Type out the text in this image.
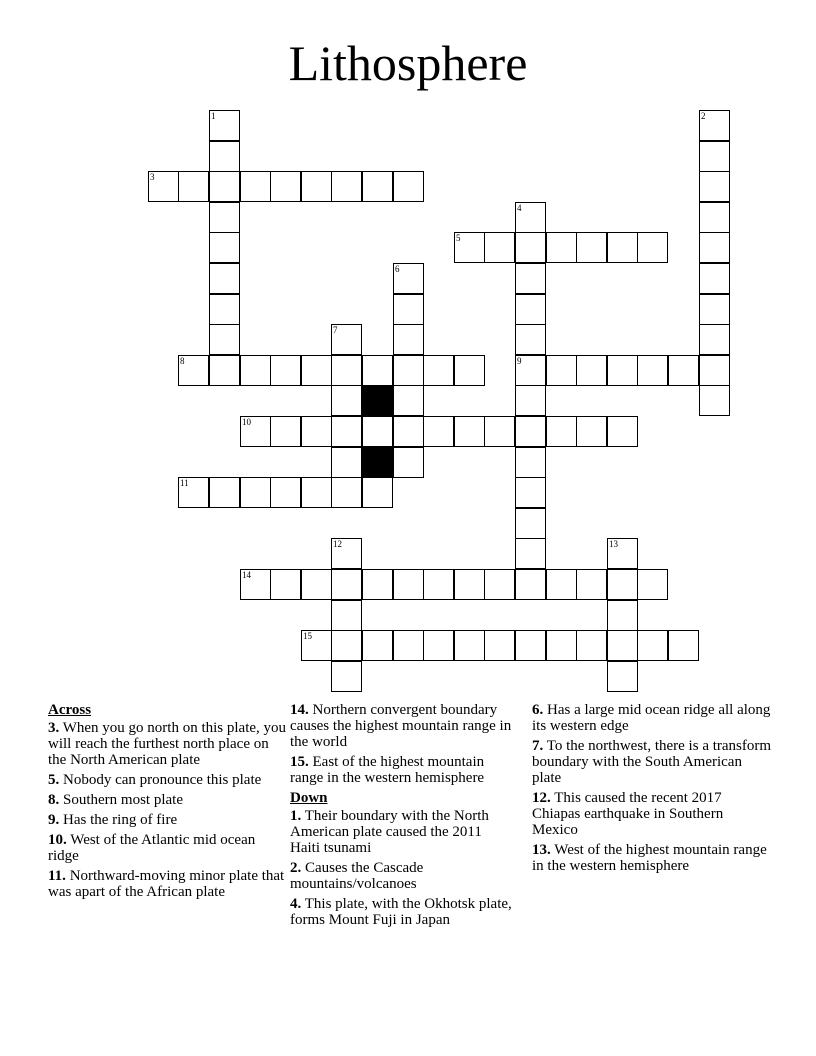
Lithosphere
1	2
3
4
5
6
7
8	9
10
11
12	13
14
15
Across
3. When you go north on this plate, you will reach the furthest north place on the North American plate
5. Nobody can pronounce this plate
8. Southern most plate
9. Has the ring of fire
10. West of the Atlantic mid ocean ridge
11. Northward-moving minor plate that was apart of the African plate
14. Northern convergent boundary causes the highest mountain range in the world
15. East of the highest mountain range in the western hemisphere
Down
1. Their boundary with the North American plate caused the 2011 Haiti tsunami
2. Causes the Cascade mountains/volcanoes
4. This plate, with the Okhotsk plate, forms Mount Fuji in Japan
6. Has a large mid ocean ridge all along its western edge
7. To the northwest, there is a transform boundary with the South American plate
12. This caused the recent 2017 Chiapas earthquake in Southern Mexico
13. West of the highest mountain range in the western hemisphere
